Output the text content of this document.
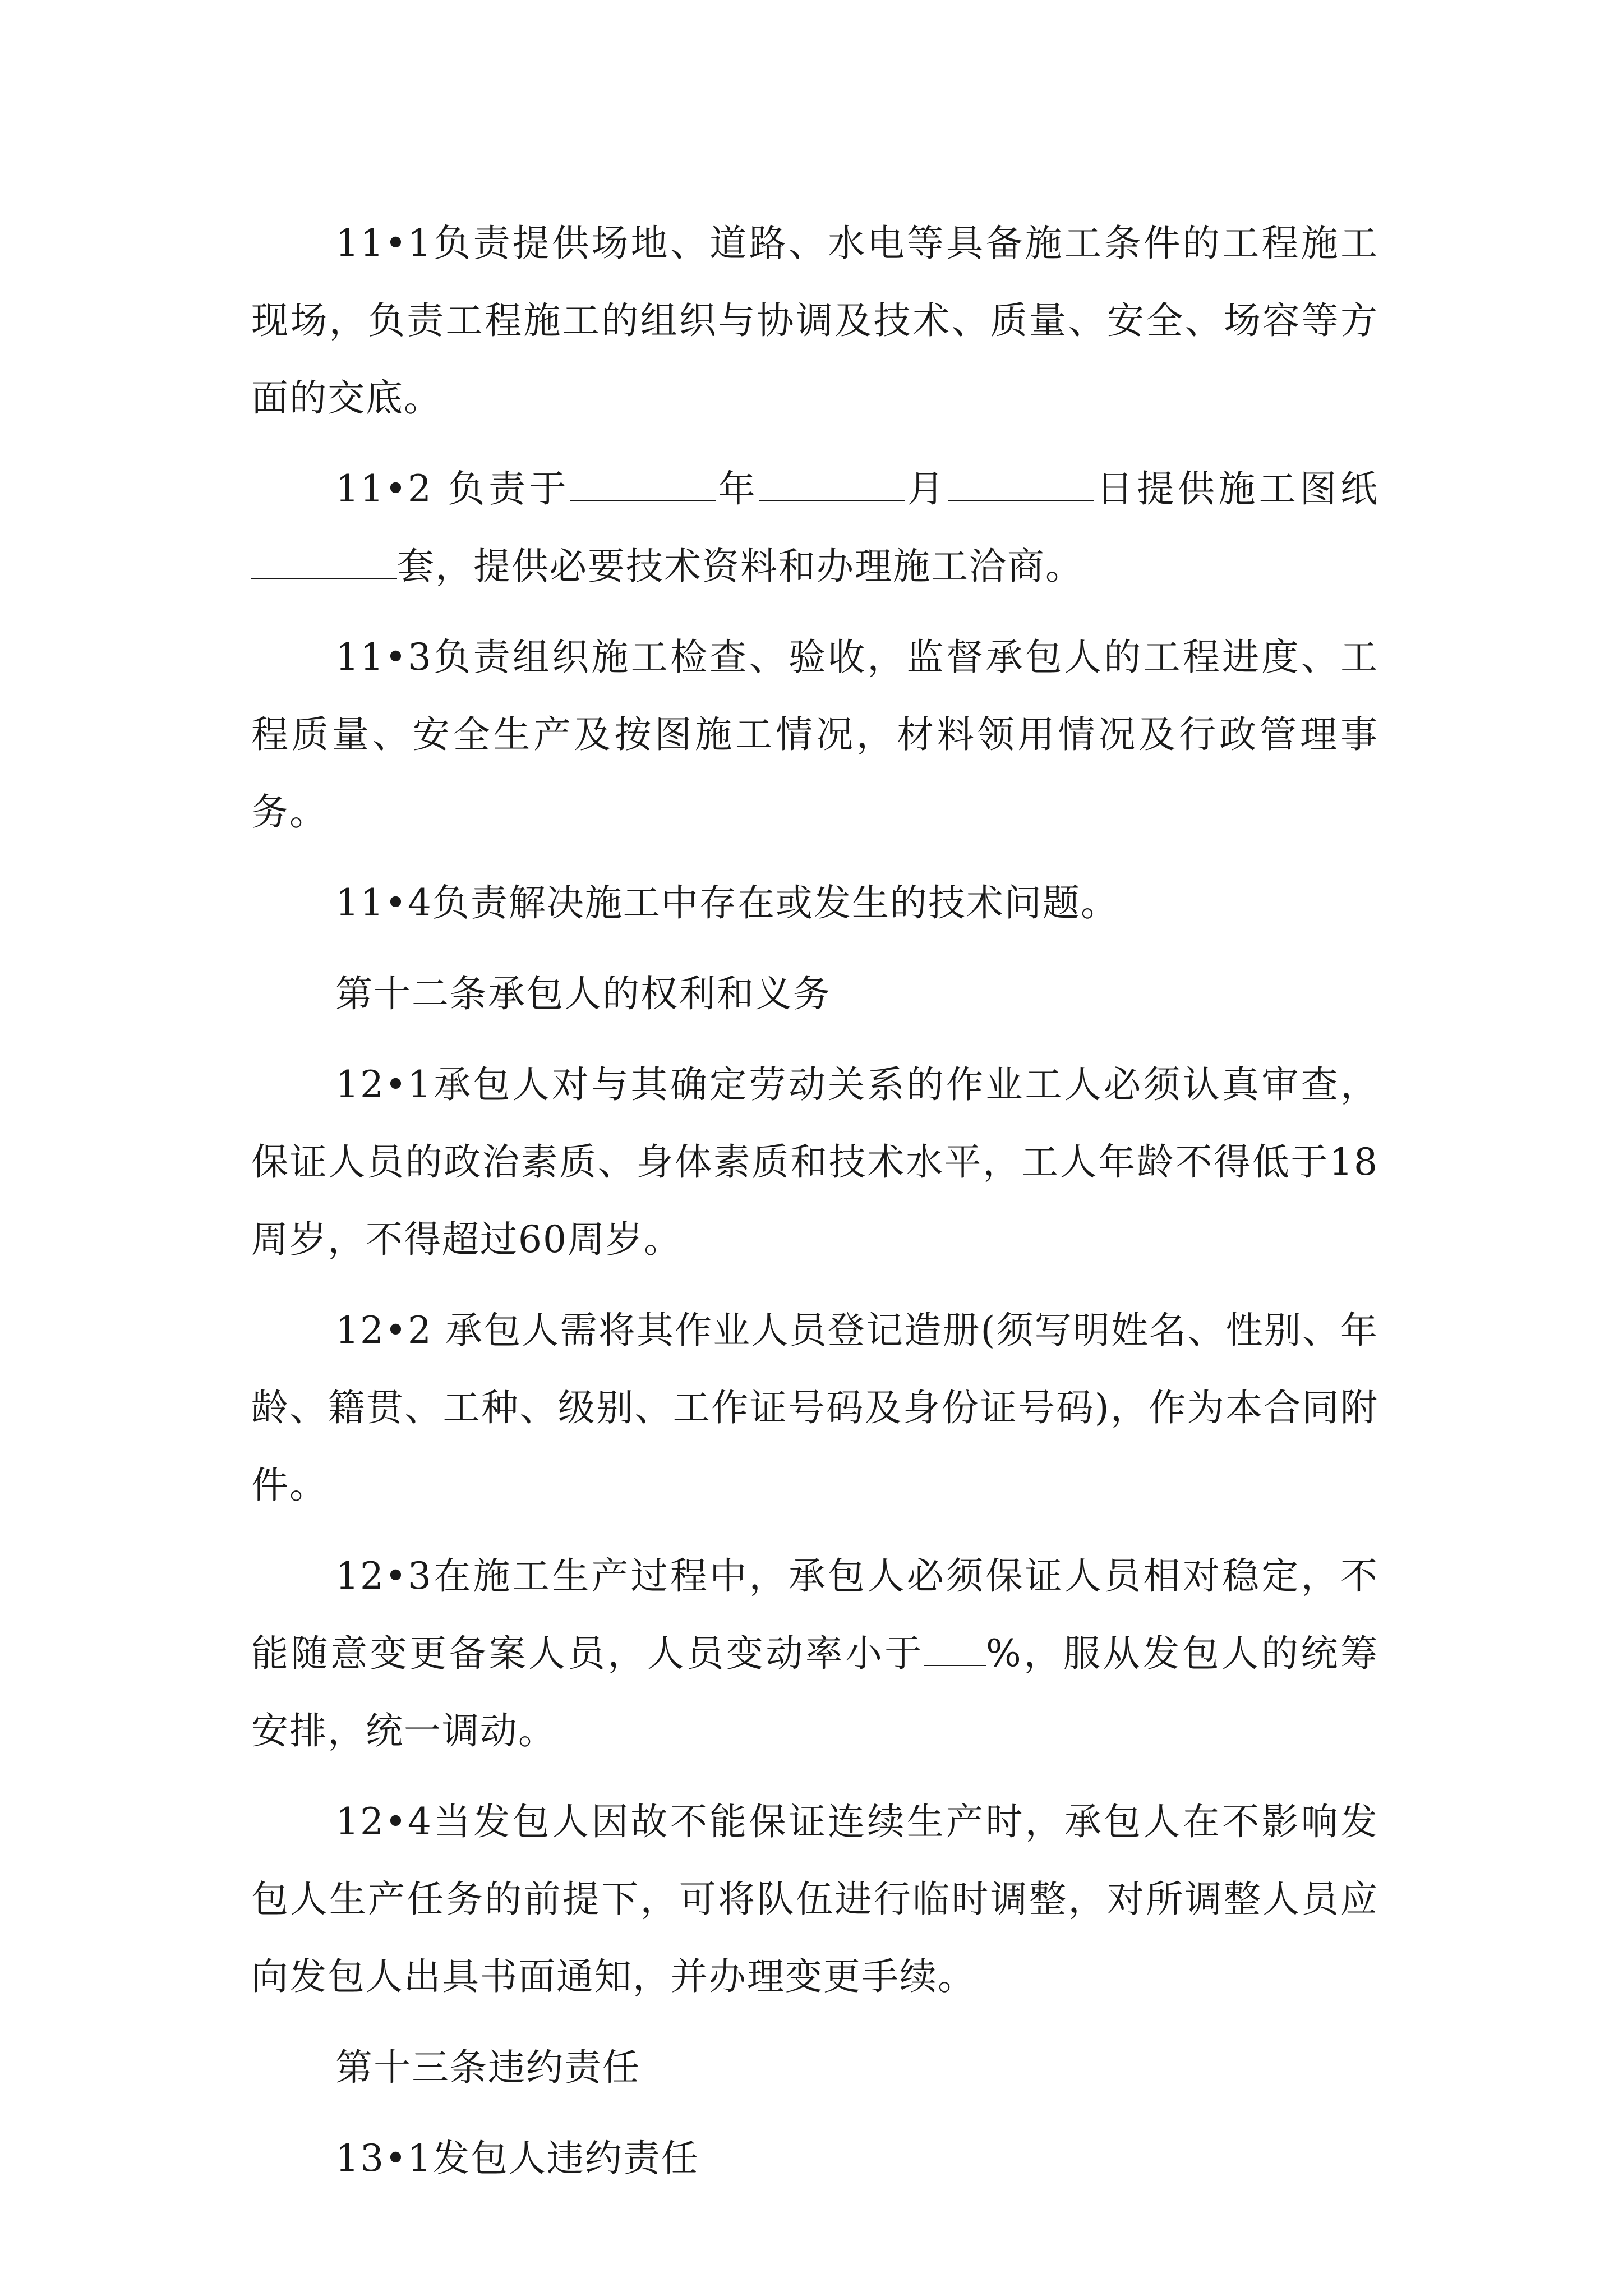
11•1负责提供场地、道路、水电等具备施工条件的工程施工现场，负责工程施工的组织与协调及技术、质量、安全、场容等方面的交底。

11•2 负责于	年	月	日提供施工图纸套，提供必要技术资料和办理施工洽商。

11•3负责组织施工检查、验收，监督承包人的工程进度、工程质量、安全生产及按图施工情况，材料领用情况及行政管理事务。

11•4负责解决施工中存在或发生的技术问题。

第十二条承包人的权利和义务

12•1承包人对与其确定劳动关系的作业工人必须认真审查，保证人员的政治素质、身体素质和技术水平，工人年龄不得低于18周岁，不得超过60周岁。

12•2 承包人需将其作业人员登记造册(须写明姓名、性别、年龄、籍贯、工种、级别、工作证号码及身份证号码)，作为本合同附件。

12•3在施工生产过程中，承包人必须保证人员相对稳定，不能随意变更备案人员，人员变动率小于 %，服从发包人的统筹安排，统一调动。

12•4当发包人因故不能保证连续生产时，承包人在不影响发包人生产任务的前提下，可将队伍进行临时调整，对所调整人员应向发包人出具书面通知，并办理变更手续。

第十三条违约责任

13•1发包人违约责任
